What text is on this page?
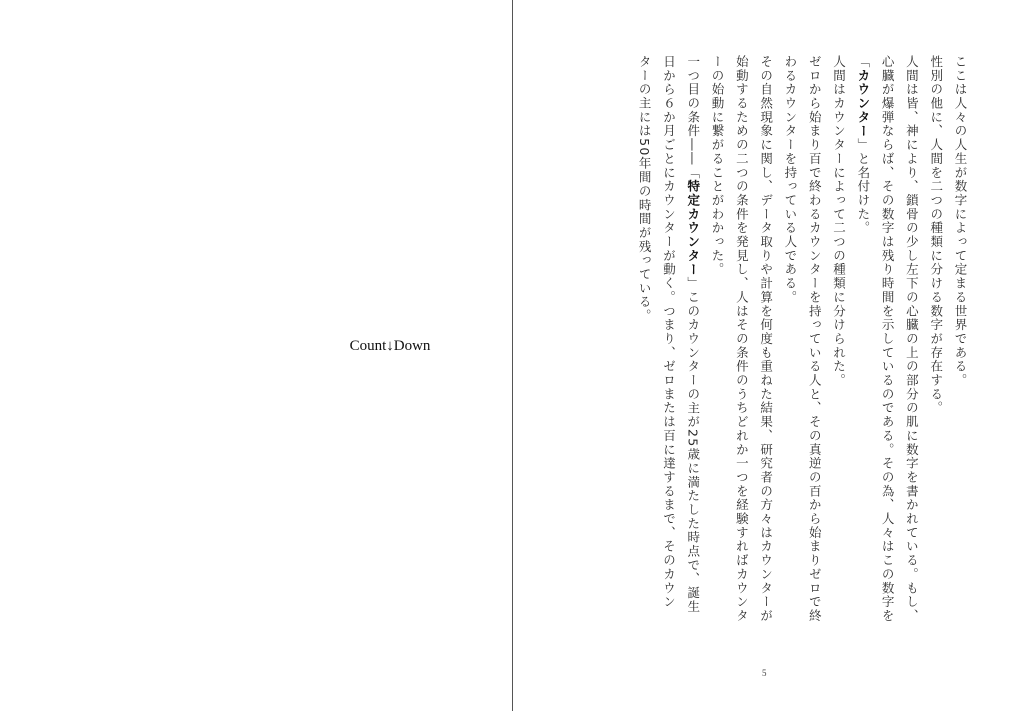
Count↓Down	ここは人々の人生が数字によって定まる世界である。
性別の他に、人間を二つの種類に分ける数字が存在する。
人間は皆、神により、鎖骨の少し左下の心臓の上の部分の肌に数字を書かれている。もし、
心臓が爆弾ならば、その数字は残り時間を示しているのである。その為、人々はこの数字を
「カウンター」と名付けた。
人間はカウンターによって二つの種類に分けられた。
ゼロから始まり百で終わるカウンターを持っている人と、その真逆の百から始まりゼロで終
わるカウンターを持っている人である。
その自然現象に関し、データ取りや計算を何度も重ねた結果、研究者の方々はカウンターが
始動するための二つの条件を発見し、人はその条件のうちどれか一つを経験すればカウンタ
ーの始動に繋がることがわかった。
一つ目の条件――「特定カウンター」このカウンターの主が25歳に満たした時点で、誕生
日から６か月ごとにカウンターが動く。つまり、ゼロまたは百に達するまで、そのカウン
ターの主には50年間の時間が残っている。
5
